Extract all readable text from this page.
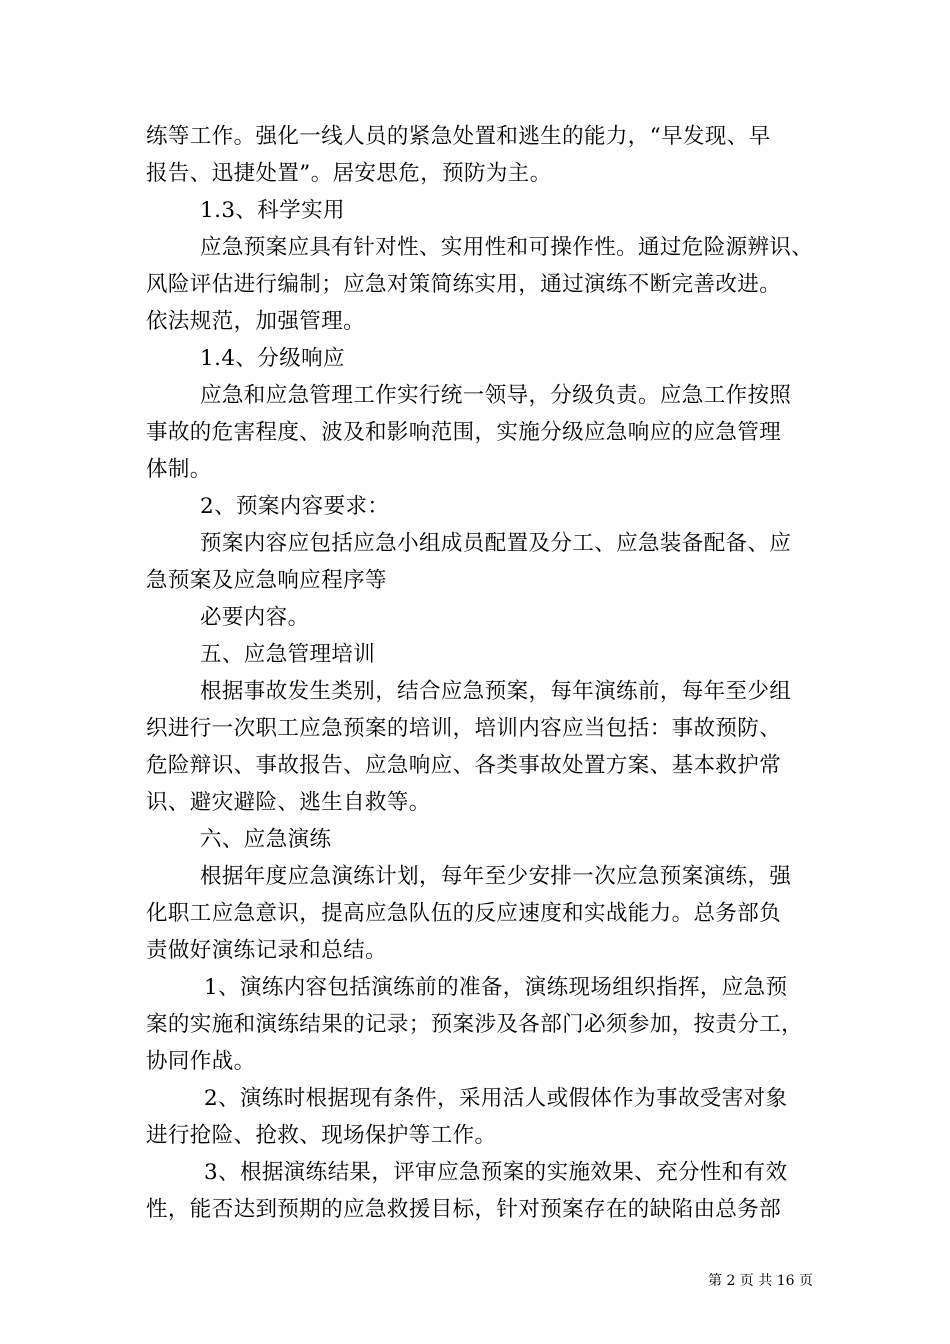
练等工作。强化一线人员的紧急处置和逃生的能力，“早发现、早
报告、迅捷处置”。居安思危，预防为主。
1.3、科学实用
应急预案应具有针对性、实用性和可操作性。通过危险源辨识、
风险评估进行编制；应急对策简练实用，通过演练不断完善改进。
依法规范，加强管理。
1.4、分级响应
应急和应急管理工作实行统一领导，分级负责。应急工作按照
事故的危害程度、波及和影响范围，实施分级应急响应的应急管理
体制。
2、预案内容要求：
预案内容应包括应急小组成员配置及分工、应急装备配备、应
急预案及应急响应程序等
必要内容。
五、应急管理培训
根据事故发生类别，结合应急预案，每年演练前，每年至少组
织进行一次职工应急预案的培训，培训内容应当包括：事故预防、
危险辩识、事故报告、应急响应、各类事故处置方案、基本救护常
识、避灾避险、逃生自救等。
六、应急演练
根据年度应急演练计划，每年至少安排一次应急预案演练，强
化职工应急意识，提高应急队伍的反应速度和实战能力。总务部负
责做好演练记录和总结。
1、演练内容包括演练前的准备，演练现场组织指挥，应急预
案的实施和演练结果的记录；预案涉及各部门必须参加，按责分工，
协同作战。
2、演练时根据现有条件，采用活人或假体作为事故受害对象
进行抢险、抢救、现场保护等工作。
3、根据演练结果，评审应急预案的实施效果、充分性和有效
性，能否达到预期的应急救援目标，针对预案存在的缺陷由总务部
第 2 页 共 16 页
